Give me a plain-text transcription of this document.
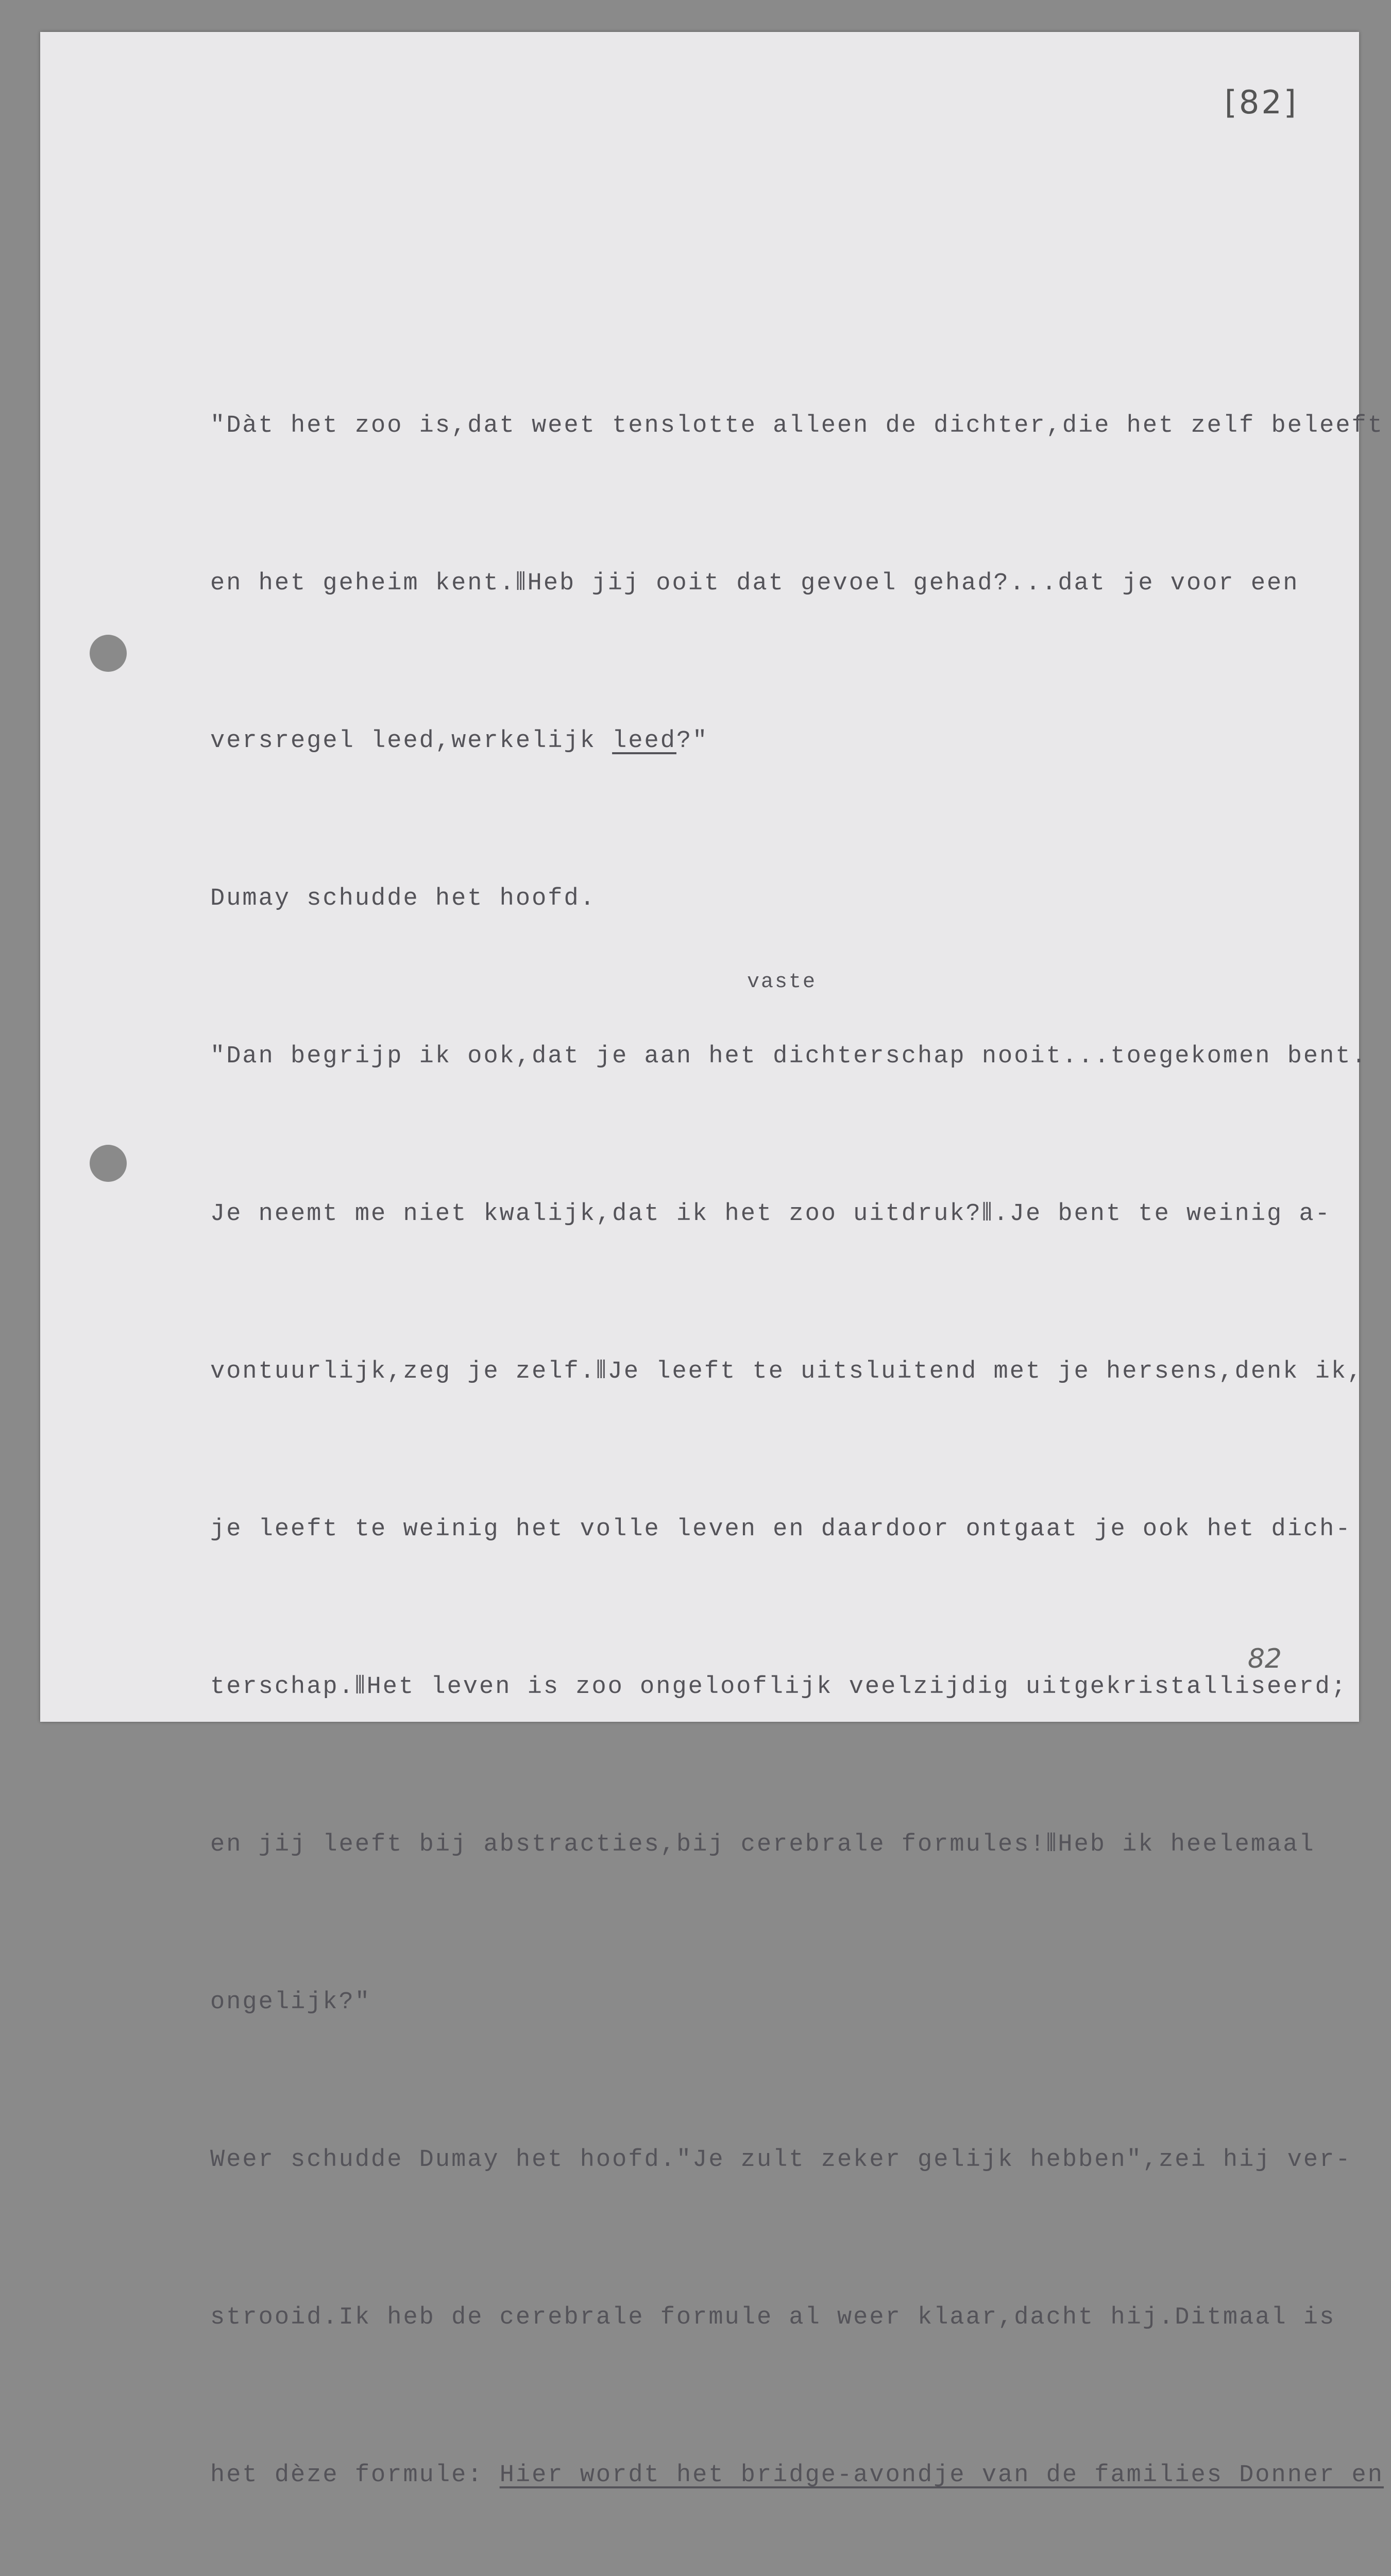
[82]
vaste

"Dàt het zoo is,dat weet tenslotte alleen de dichter,die het zelf beleeft

en het geheim kent.⫴Heb jij ooit dat gevoel gehad?...dat je voor een

versregel leed,werkelijk leed?"

Dumay schudde het hoofd.

"Dan begrijp ik ook,dat je aan het dichterschap nooit...toegekomen bent.

Je neemt me niet kwalijk,dat ik het zoo uitdruk?⫴.Je bent te weinig a-

vontuurlijk,zeg je zelf.⫴Je leeft te uitsluitend met je hersens,denk ik,

je leeft te weinig het volle leven en daardoor ontgaat je ook het dich-

terschap.⫴Het leven is zoo ongelooflijk veelzijdig uitgekristalliseerd;

en jij leeft bij abstracties,bij cerebrale formules!⫴Heb ik heelemaal

ongelijk?"

Weer schudde Dumay het hoofd."Je zult zeker gelijk hebben",zei hij ver-

strooid.Ik heb de cerebrale formule al weer klaar,dacht hij.Ditmaal is

het dèze formule: Hier wordt het bridge-avondje van de families Donner en

82
